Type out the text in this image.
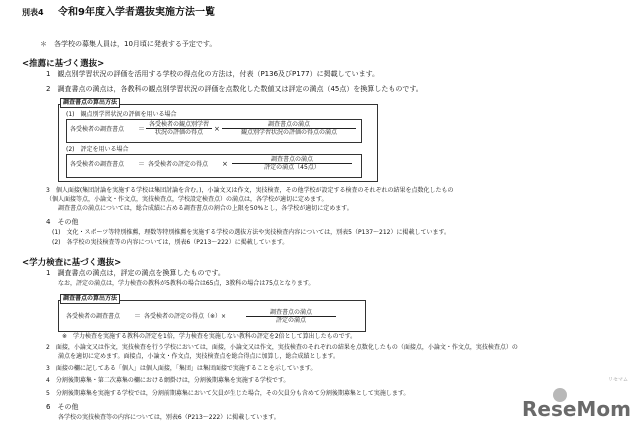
別表4 令和9年度入学者選抜実施方法一覧
＊　各学校の募集人員は，10月頃に発表する予定です。
<推薦に基づく選抜>
1　観点別学習状況の評価を活用する学校の得点化の方法は，付表（P136及びP177）に掲載しています。
2　調査書点の満点は，各教科の観点別学習状況の評価を点数化した数値又は評定の満点（45点）を換算したものです。
調査書点の算出方法
(1)　観点別学習状況の評価を用いる場合
各受検者の調査書点 ＝
各受検者の観点別学習
状況の評価の得点	×
調査書点の満点
観点別学習状況の評価の得点の満点
(2)　評定を用いる場合
各受検者の調査書点 ＝ 各受検者の評定の得点 ×
調査書点の満点
評定の満点（45点）
3　個人面接(集団討論を実施する学校は集団討論を含む。)，小論文又は作文，実技検査，その他学校が設定する検査のそれぞれの結果を点数化したもの
（個人面接等点，小論文・作文点，実技検査点，学校設定検査点）の満点は，各学校が適切に定めます。
調査書点の満点については，総合成績に占める調査書点の割合の上限を50%とし，各学校が適切に定めます。
4　その他
(1)　文化・スポーツ等特別推薦，理数等特別推薦を実施する学校の選抜方法や実技検査内容については，別表5（P137～212）に掲載しています。
(2)　各学校の実技検査等の内容については，別表6（P213～222）に掲載しています。
<学力検査に基づく選抜>
1　調査書点の満点は，評定の満点を換算したものです。
なお，評定の満点は，学力検査の教科が5教科の場合は65点，3教科の場合は75点となります。
調査書点の算出方法
各受検者の調査書点 ＝ 各受検者の評定の得点（※）×
調査書点の満点
評定の満点
※　学力検査を実施する教科の評定を1倍，学力検査を実施しない教科の評定を2倍として算出したものです。
2　面接，小論文又は作文，実技検査を行う学校においては，面接，小論文又は作文，実技検査のそれぞれの結果を点数化したもの（面接点，小論文・作文点，実技検査点）の
満点を適切に定めます。面接点，小論文・作文点，実技検査点を総合得点に加算し，総合成績とします。
3　面接の欄に記してある「個人」は個人面接，「集団」は集団面接で実施することを示しています。
4　分割後期募集・第二次募集の欄における網掛けは，分割後期募集を実施する学校です。
5　分割後期募集を実施する学校では，分割前期募集において欠員が生じた場合，その欠員分も含めて分割後期募集として実施します。
6　その他
各学校の実技検査等の内容については，別表6（P213～222）に掲載しています。
リセマム
ReseMom
